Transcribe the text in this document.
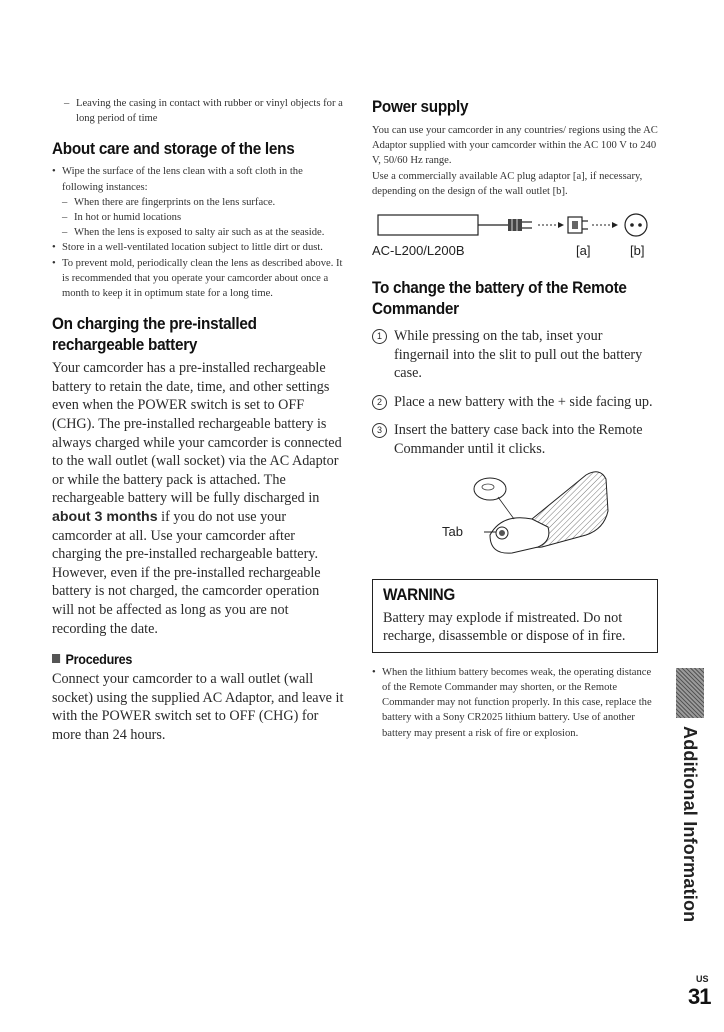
– Leaving the casing in contact with rubber or vinyl objects for a long period of time
About care and storage of the lens
• Wipe the surface of the lens clean with a soft cloth in the following instances:
– When there are fingerprints on the lens surface.
– In hot or humid locations
– When the lens is exposed to salty air such as at the seaside.
• Store in a well-ventilated location subject to little dirt or dust.
• To prevent mold, periodically clean the lens as described above. It is recommended that you operate your camcorder about once a month to keep it in optimum state for a long time.
On charging the pre-installed rechargeable battery

Your camcorder has a pre-installed rechargeable battery to retain the date, time, and other settings even when the POWER switch is set to OFF (CHG). The pre-installed rechargeable battery is always charged while your camcorder is connected to the wall outlet (wall socket) via the AC Adaptor or while the battery pack is attached. The rechargeable battery will be fully discharged in about 3 months if you do not use your camcorder at all. Use your camcorder after charging the pre-installed rechargeable battery.

However, even if the pre-installed rechargeable battery is not charged, the camcorder operation will not be affected as long as you are not recording the date.

Procedures

Connect your camcorder to a wall outlet (wall socket) using the supplied AC Adaptor, and leave it with the POWER switch set to OFF (CHG) for more than 24 hours.

Power supply

You can use your camcorder in any countries/ regions using the AC Adaptor supplied with your camcorder within the AC 100 V to 240 V, 50/60 Hz range.

Use a commercially available AC plug adaptor [a], if necessary, depending on the design of the wall outlet [b].

AC-L200/L200B	[a]	[b]
To change the battery of the Remote Commander
1 While pressing on the tab, inset your fingernail into the slit to pull out the battery case.
2 Place a new battery with the + side facing up.
3 Insert the battery case back into the Remote Commander until it clicks.
Tab
WARNING
Battery may explode if mistreated. Do not recharge, disassemble or dispose of in fire.
• When the lithium battery becomes weak, the operating distance of the Remote Commander may shorten, or the Remote Commander may not function properly. In this case, replace the battery with a Sony CR2025 lithium battery. Use of another battery may present a risk of fire or explosion.	Additional Information
US
31
